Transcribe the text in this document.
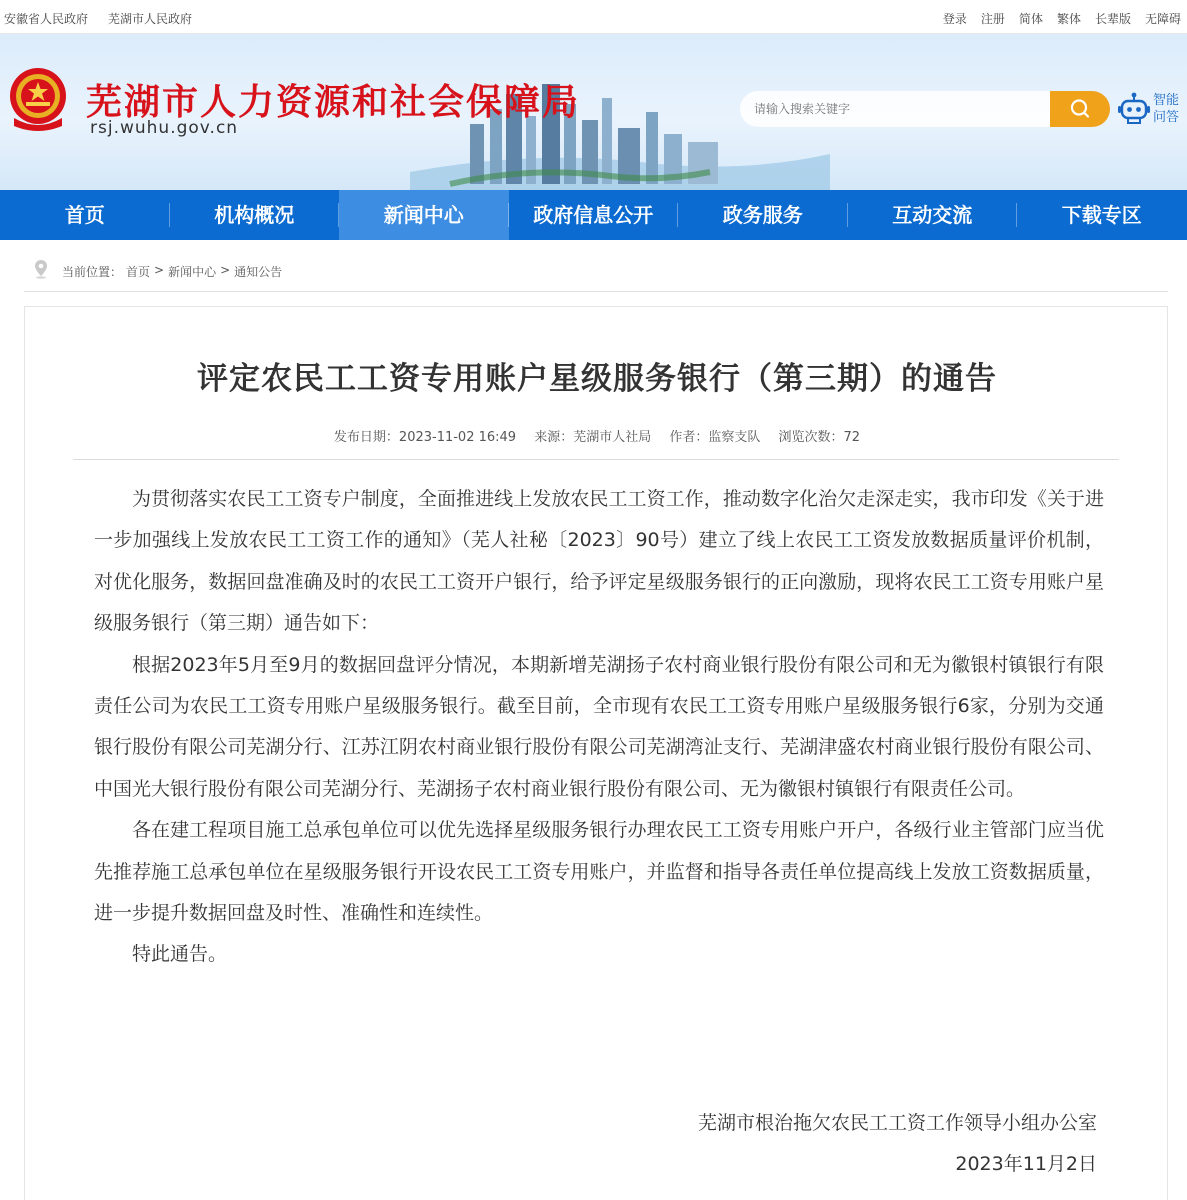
安徽省人民政府 芜湖市人民政府	登录 注册 简体 繁体 长辈版 无障碍
芜湖市人力资源和社会保障局
rsj.wuhu.gov.cn
请输入搜索关键字
智能问答
首页	机构概况	新闻中心	政府信息公开	政务服务	互动交流	下载专区
当前位置： 首页 > 新闻中心 > 通知公告
评定农民工工资专用账户星级服务银行（第三期）的通告
发布日期：2023-11-02 16:49 来源：芜湖市人社局 作者：监察支队 浏览次数：72

为贯彻落实农民工工资专户制度，全面推进线上发放农民工工资工作，推动数字化治欠走深走实，我市印发《关于进一步加强线上发放农民工工资工作的通知》（芜人社秘〔2023〕90号）建立了线上农民工工资发放数据质量评价机制，对优化服务，数据回盘准确及时的农民工工资开户银行，给予评定星级服务银行的正向激励，现将农民工工资专用账户星级服务银行（第三期）通告如下：

根据2023年5月至9月的数据回盘评分情况，本期新增芜湖扬子农村商业银行股份有限公司和无为徽银村镇银行有限责任公司为农民工工资专用账户星级服务银行。截至目前，全市现有农民工工资专用账户星级服务银行6家，分别为交通银行股份有限公司芜湖分行、江苏江阴农村商业银行股份有限公司芜湖湾沚支行、芜湖津盛农村商业银行股份有限公司、中国光大银行股份有限公司芜湖分行、芜湖扬子农村商业银行股份有限公司、无为徽银村镇银行有限责任公司。

各在建工程项目施工总承包单位可以优先选择星级服务银行办理农民工工资专用账户开户，各级行业主管部门应当优先推荐施工总承包单位在星级服务银行开设农民工工资专用账户，并监督和指导各责任单位提高线上发放工资数据质量，进一步提升数据回盘及时性、准确性和连续性。

特此通告。

芜湖市根治拖欠农民工工资工作领导小组办公室
2023年11月2日
